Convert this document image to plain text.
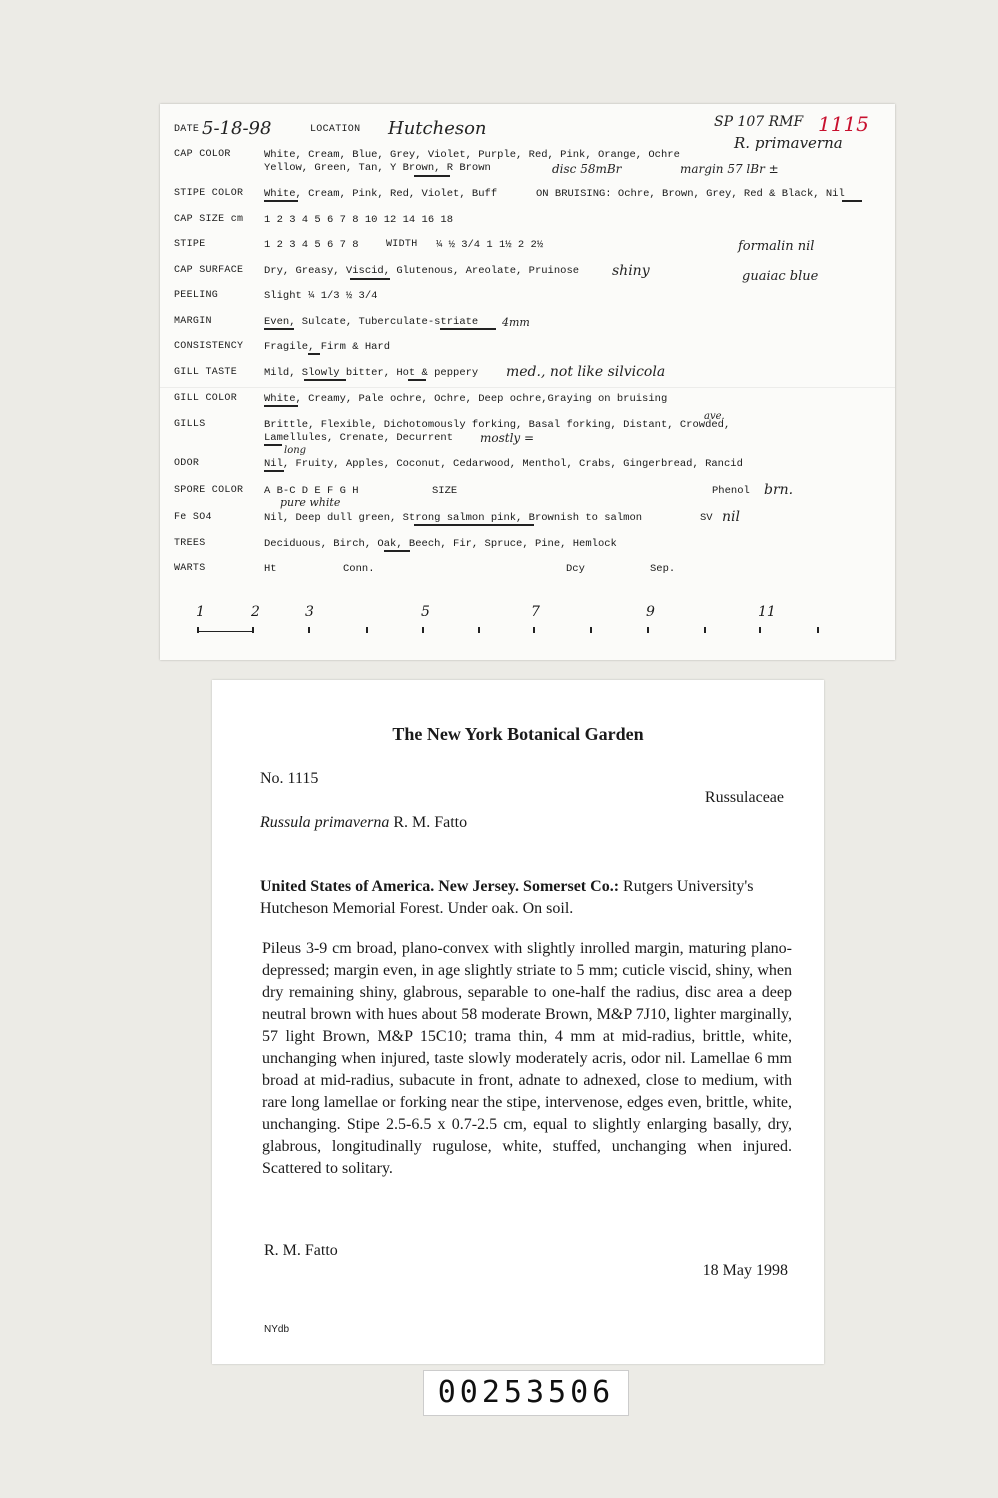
DATE 5-18-98	LOCATION Hutcheson	SP 107 RMF 1115
R. primaverna
CAP COLOR	White, Cream, Blue, Grey, Violet, Purple, Red, Pink, Orange, Ochre
Yellow, Green, Tan, Y Brown, R Brown	disc 58mBr	margin 57 lBr ±
STIPE COLOR White, Cream, Pink, Red, Violet, Buff	ON BRUISING: Ochre, Brown, Grey, Red & Black, Nil
CAP SIZE cm 1 2 3 4 5 6 7 8 10 12 14 16 18
STIPE	1 2 3 4 5 6 7 8	WIDTH ¼ ½ 3/4 1 1½ 2 2½	formalin nil
CAP SURFACE Dry, Greasy, Viscid, Glutenous, Areolate, Pruinose shiny	guaiac blue
PEELING	Slight ¼ 1/3 ½ 3/4
MARGIN	Even, Sulcate, Tuberculate-striate 4mm
CONSISTENCY Fragile, Firm & Hard
GILL TASTE	Mild, Slowly bitter, Hot & peppery med., not like silvicola
GILL COLOR	White, Creamy, Pale ochre, Ochre, Deep ochre,Graying on bruising
GILLS	Brittle, Flexible, Dichotomously forking, Basal forking, Distant, Crowded,
Lamellules, Crenate, Decurrent
ave.
mostly =
long
ODOR	Nil, Fruity, Apples, Coconut, Cedarwood, Menthol, Crabs, Gingerbread, Rancid
SPORE COLOR A B-C D E F G H	SIZE	Phenol brn.
pure white
Fe SO4	Nil, Deep dull green, Strong salmon pink, Brownish to salmon	SV nil
TREES	Deciduous, Birch, Oak, Beech, Fir, Spruce, Pine, Hemlock
WARTS	Ht	Conn.	Dcy	Sep.
1	2	3	5	7	9	11
The New York Botanical Garden
No. 1115
Russulaceae
Russula primaverna R. M. Fatto
United States of America. New Jersey. Somerset Co.: Rutgers University's Hutcheson Memorial Forest. Under oak. On soil.
Pileus 3-9 cm broad, plano-convex with slightly inrolled margin, maturing plano-depressed; margin even, in age slightly striate to 5 mm; cuticle viscid, shiny, when dry remaining shiny, glabrous, separable to one-half the radius, disc area a deep neutral brown with hues about 58 moderate Brown, M&P 7J10, lighter marginally, 57 light Brown, M&P 15C10; trama thin, 4 mm at mid-radius, brittle, white, unchanging when injured, taste slowly moderately acris, odor nil. Lamellae 6 mm broad at mid-radius, subacute in front, adnate to adnexed, close to medium, with rare long lamellae or forking near the stipe, intervenose, edges even, brittle, white, unchanging. Stipe 2.5-6.5 x 0.7-2.5 cm, equal to slightly enlarging basally, dry, glabrous, longitudinally rugulose, white, stuffed, unchanging when injured. Scattered to solitary.
R. M. Fatto
18 May 1998
NYdb
00253506
